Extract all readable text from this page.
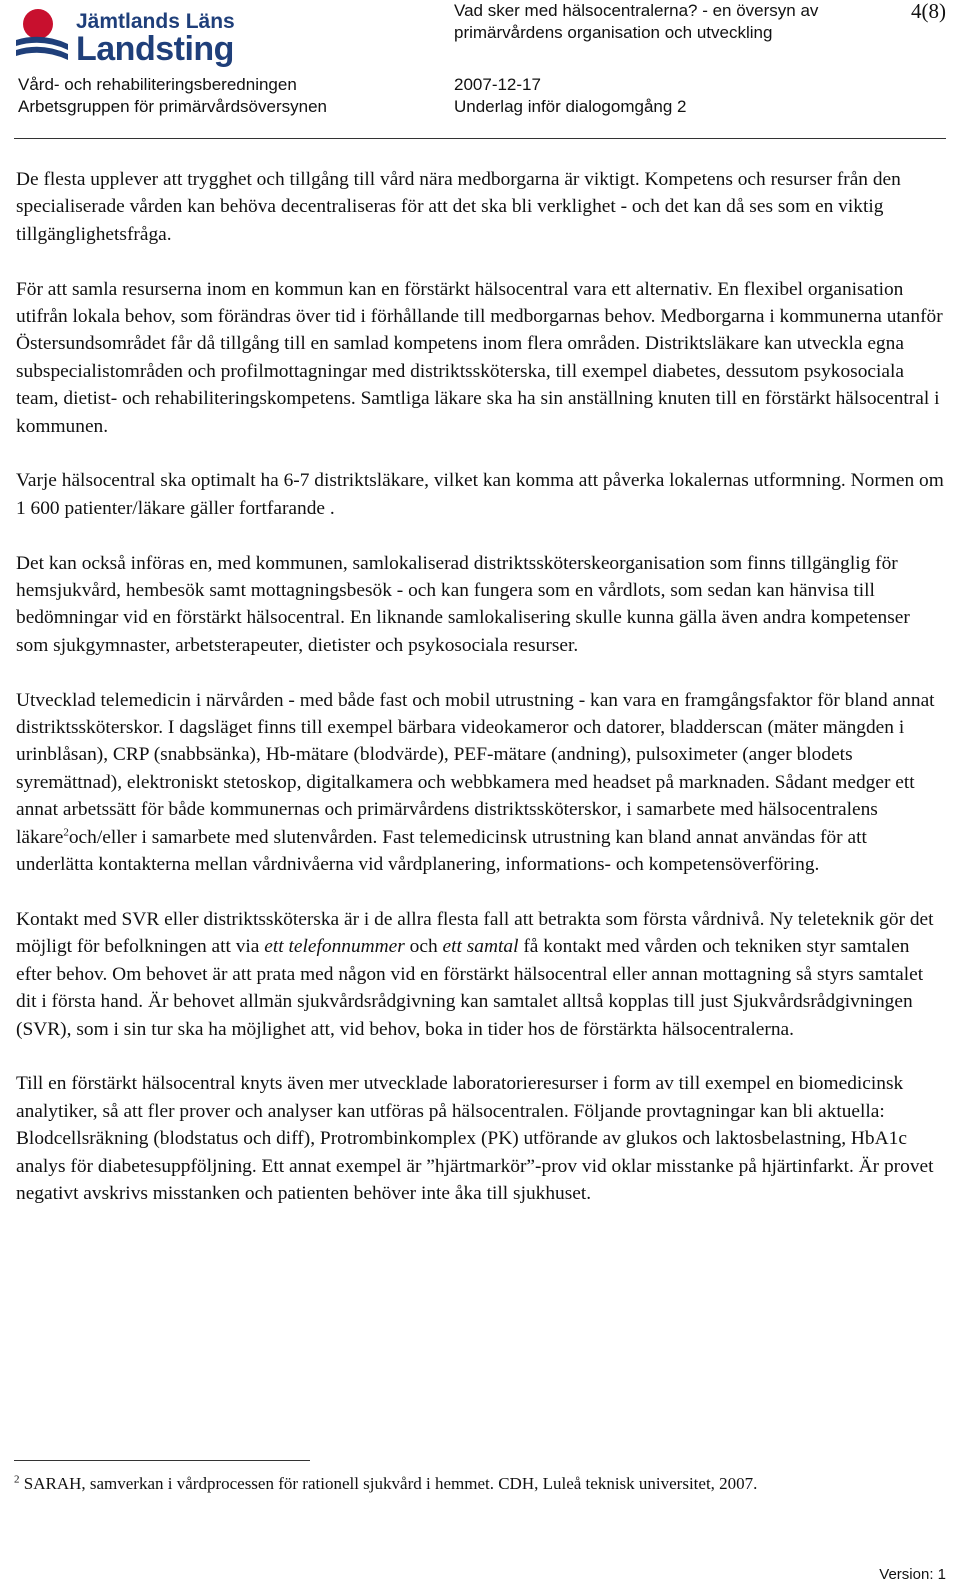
Jämtlands Läns
Landsting
Vad sker med hälsocentralerna? - en översyn av primärvårdens organisation och utveckling
4(8)
Vård- och rehabiliteringsberedningen
Arbetsgruppen för primärvårdsöversynen
2007-12-17
Underlag inför dialogomgång 2

De flesta upplever att trygghet och tillgång till vård nära medborgarna är viktigt. Kompetens och resurser från den specialiserade vården kan behöva decentraliseras för att det ska bli verklighet - och det kan då ses som en viktig tillgänglighetsfråga.

För att samla resurserna inom en kommun kan en förstärkt hälsocentral vara ett alternativ. En flexibel organisation utifrån lokala behov, som förändras över tid i förhållande till medborgarnas behov. Medborgarna i kommunerna utanför Östersundsområdet får då tillgång till en samlad kompetens inom flera områden. Distriktsläkare kan utveckla egna subspecialistområden och profilmottagningar med distriktssköterska, till exempel diabetes, dessutom psykosociala team, dietist- och rehabiliteringskompetens. Samtliga läkare ska ha sin anställning knuten till en förstärkt hälsocentral i kommunen.

Varje hälsocentral ska optimalt ha 6-7 distriktsläkare, vilket kan komma att påverka lokalernas utformning. Normen om 1 600 patienter/läkare gäller fortfarande .

Det kan också införas en, med kommunen, samlokaliserad distriktssköterskeorganisation som finns tillgänglig för hemsjukvård, hembesök samt mottagningsbesök - och kan fungera som en vårdlots, som sedan kan hänvisa till bedömningar vid en förstärkt hälsocentral. En liknande samlokalisering skulle kunna gälla även andra kompetenser som sjukgymnaster, arbetsterapeuter, dietister och psykosociala resurser.

Utvecklad telemedicin i närvården - med både fast och mobil utrustning - kan vara en framgångsfaktor för bland annat distriktssköterskor. I dagsläget finns till exempel bärbara videokameror och datorer, bladderscan (mäter mängden i urinblåsan), CRP (snabbsänka), Hb-mätare (blodvärde), PEF-mätare (andning), pulsoximeter (anger blodets syremättnad), elektroniskt stetoskop, digitalkamera och webbkamera med headset på marknaden. Sådant medger ett annat arbetssätt för både kommunernas och primärvårdens distriktssköterskor, i samarbete med hälsocentralens läkare$^2$och/eller i samarbete med slutenvården. Fast telemedicinsk utrustning kan bland annat användas för att underlätta kontakterna mellan vårdnivåerna vid vårdplanering, informations- och kompetensöverföring.

Kontakt med SVR eller distriktssköterska är i de allra flesta fall att betrakta som första vårdnivå. Ny teleteknik gör det möjligt för befolkningen att via ett telefonnummer och ett samtal få kontakt med vården och tekniken styr samtalen efter behov. Om behovet är att prata med någon vid en förstärkt hälsocentral eller annan mottagning så styrs samtalet dit i första hand. Är behovet allmän sjukvårdsrådgivning kan samtalet alltså kopplas till just Sjukvårdsrådgivningen (SVR), som i sin tur ska ha möjlighet att, vid behov, boka in tider hos de förstärkta hälsocentralerna.

Till en förstärkt hälsocentral knyts även mer utvecklade laboratorieresurser i form av till exempel en biomedicinsk analytiker, så att fler prover och analyser kan utföras på hälsocentralen. Följande provtagningar kan bli aktuella: Blodcellsräkning (blodstatus och diff), Protrombinkomplex (PK) utförande av glukos och laktosbelastning, HbA1c analys för diabetesuppföljning. Ett annat exempel är ”hjärtmarkör”-prov vid oklar misstanke på hjärtinfarkt. Är provet negativt avskrivs misstanken och patienten behöver inte åka till sjukhuset.

$^2$ SARAH, samverkan i vårdprocessen för rationell sjukvård i hemmet. CDH, Luleå teknisk universitet, 2007.
Version: 1
